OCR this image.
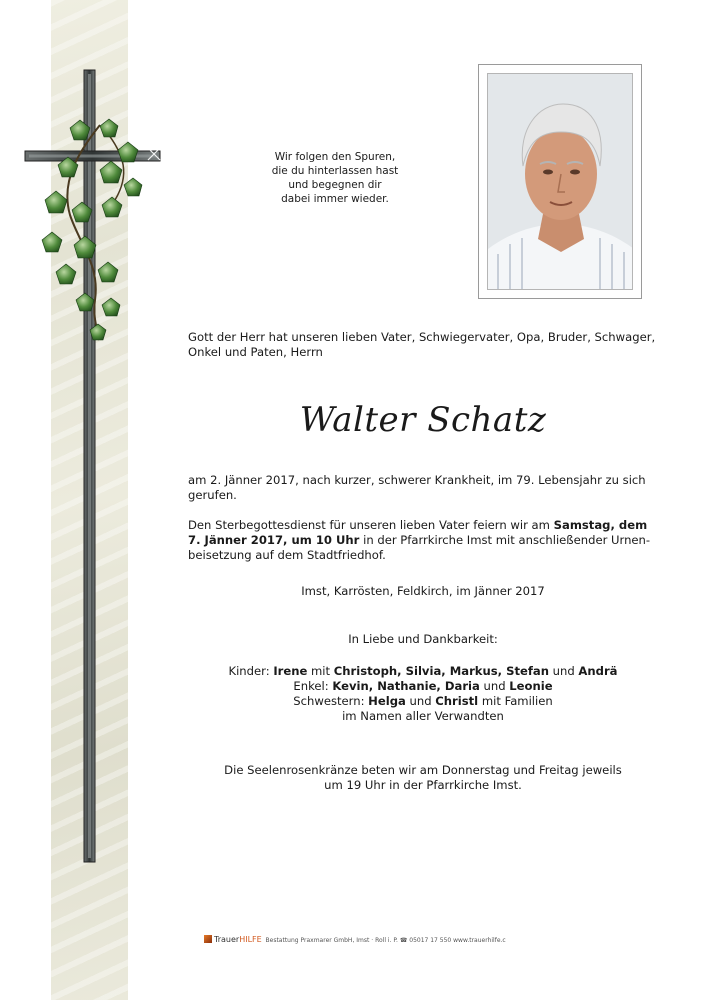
Wir folgen den Spuren,
die du hinterlassen hast
und begegnen dir
dabei immer wieder.
Gott der Herr hat unseren lieben Vater, Schwiegervater, Opa, Bruder, Schwager,
Onkel und Paten, Herrn
Walter Schatz
am 2. Jänner 2017, nach kurzer, schwerer Krankheit, im 79. Lebensjahr zu sich
gerufen.
Den Sterbegottesdienst für unseren lieben Vater feiern wir am Samstag, dem
7. Jänner 2017, um 10 Uhr in der Pfarrkirche Imst mit anschließender Urnen-
beisetzung auf dem Stadtfriedhof.
Imst, Karrösten, Feldkirch, im Jänner 2017
In Liebe und Dankbarkeit:
Kinder: Irene mit Christoph, Silvia, Markus, Stefan und Andrä
Enkel: Kevin, Nathanie, Daria und Leonie
Schwestern: Helga und Christl mit Familien
im Namen aller Verwandten
Die Seelenrosenkränze beten wir am Donnerstag und Freitag jeweils
um 19 Uhr in der Pfarrkirche Imst.
TrauerHILFE Bestattung Praxmarer GmbH, Imst · Roll i. P. ☎ 05017 17 550 www.trauerhilfe.c
